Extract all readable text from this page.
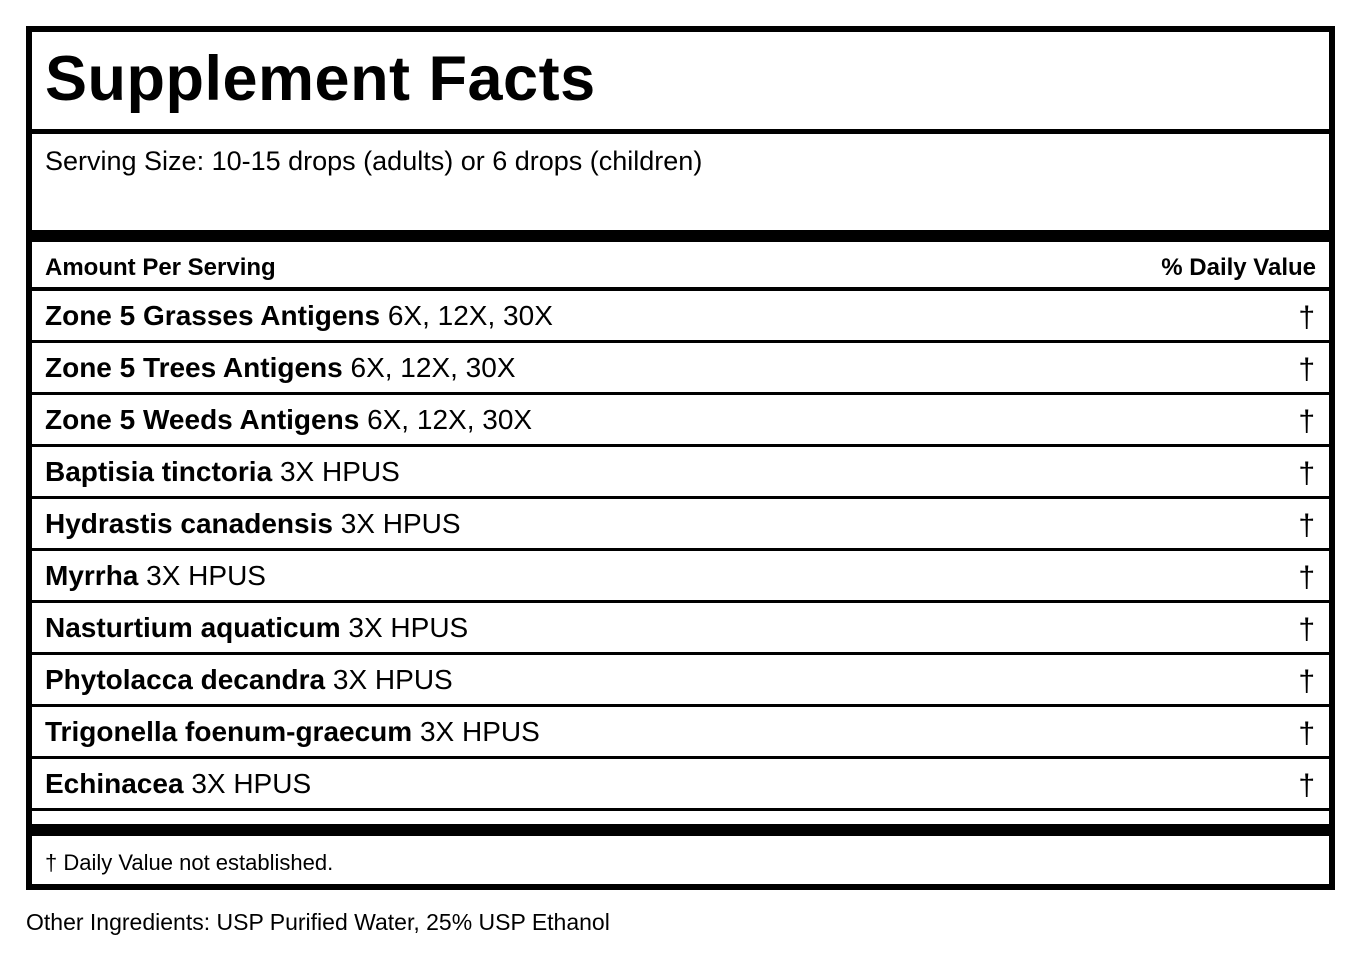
Supplement Facts
Serving Size: 10-15 drops (adults) or 6 drops (children)
Amount Per Serving	% Daily Value
Zone 5 Grasses Antigens 6X, 12X, 30X	†
Zone 5 Trees Antigens 6X, 12X, 30X	†
Zone 5 Weeds Antigens 6X, 12X, 30X	†
Baptisia tinctoria 3X HPUS	†
Hydrastis canadensis 3X HPUS	†
Myrrha 3X HPUS	†
Nasturtium aquaticum 3X HPUS	†
Phytolacca decandra 3X HPUS	†
Trigonella foenum-graecum 3X HPUS	†
Echinacea 3X HPUS	†
† Daily Value not established.
Other Ingredients: USP Purified Water, 25% USP Ethanol
